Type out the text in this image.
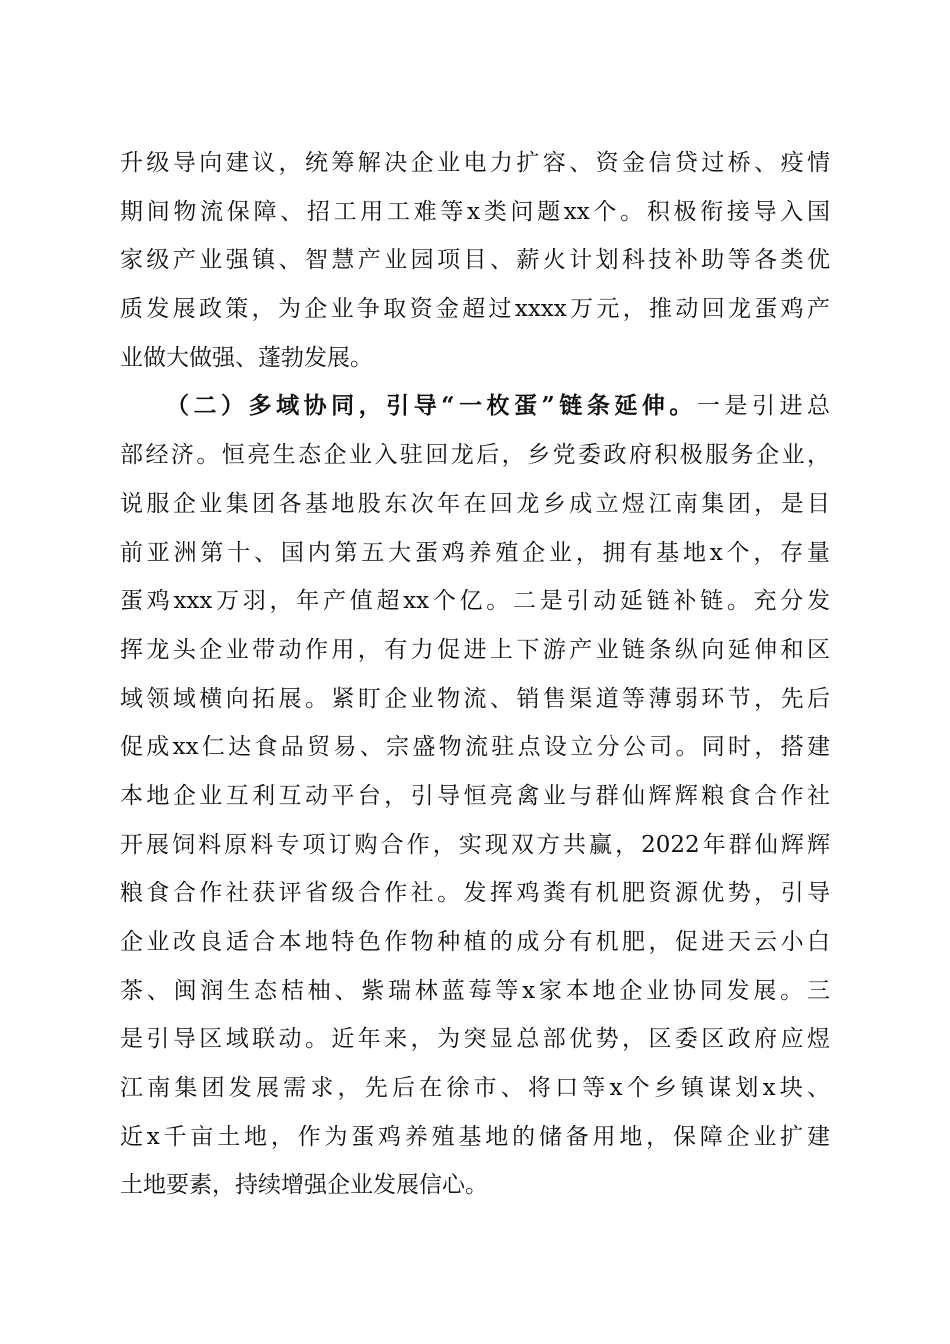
升级导向建议，统筹解决企业电力扩容、资金信贷过桥、疫情
期间物流保障、招工用工难等x类问题xx个。积极衔接导入国
家级产业强镇、智慧产业园项目、薪火计划科技补助等各类优
质发展政策，为企业争取资金超过xxxx万元，推动回龙蛋鸡产
业做大做强、蓬勃发展。
（二）多域协同，引导“一枚蛋”链条延伸。一是引进总
部经济。恒亮生态企业入驻回龙后，乡党委政府积极服务企业，
说服企业集团各基地股东次年在回龙乡成立煜江南集团，是目
前亚洲第十、国内第五大蛋鸡养殖企业，拥有基地x个，存量
蛋鸡xxx万羽，年产值超xx个亿。二是引动延链补链。充分发
挥龙头企业带动作用，有力促进上下游产业链条纵向延伸和区
域领域横向拓展。紧盯企业物流、销售渠道等薄弱环节，先后
促成xx仁达食品贸易、宗盛物流驻点设立分公司。同时，搭建
本地企业互利互动平台，引导恒亮禽业与群仙辉辉粮食合作社
开展饲料原料专项订购合作，实现双方共赢，2022年群仙辉辉
粮食合作社获评省级合作社。发挥鸡粪有机肥资源优势，引导
企业改良适合本地特色作物种植的成分有机肥，促进天云小白
茶、闽润生态桔柚、紫瑞林蓝莓等x家本地企业协同发展。三
是引导区域联动。近年来，为突显总部优势，区委区政府应煜
江南集团发展需求，先后在徐市、将口等x个乡镇谋划x块、
近x千亩土地，作为蛋鸡养殖基地的储备用地，保障企业扩建
土地要素，持续增强企业发展信心。
